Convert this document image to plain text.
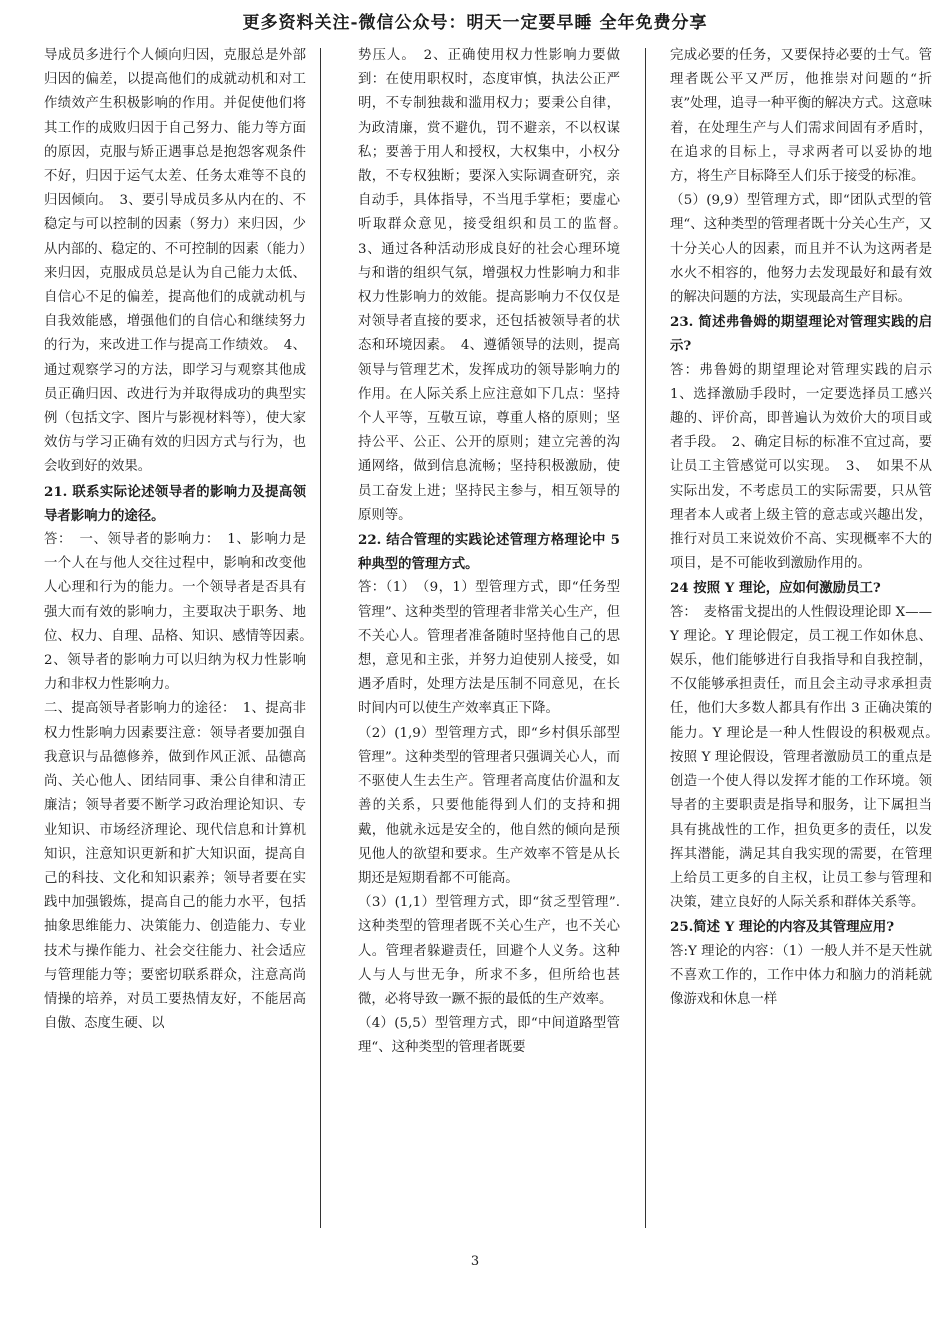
更多资料关注-微信公众号：明天一定要早睡 全年免费分享

导成员多进行个人倾向归因，克服总是外部归因的偏差，以提高他们的成就动机和对工作绩效产生积极影响的作用。并促使他们将其工作的成败归因于自己努力、能力等方面的原因，克服与矫正遇事总是抱怨客观条件不好，归因于运气太差、任务太难等不良的归因倾向。　3、要引导成员多从内在的、不稳定与可以控制的因素（努力）来归因，少从内部的、稳定的、不可控制的因素（能力）来归因，克服成员总是认为自己能力太低、自信心不足的偏差，提高他们的成就动机与自我效能感，增强他们的自信心和继续努力的行为，来改进工作与提高工作绩效。　4、通过观察学习的方法，即学习与观察其他成员正确归因、改进行为并取得成功的典型实例（包括文字、图片与影视材料等），使大家效仿与学习正确有效的归因方式与行为，也会收到好的效果。

21. 联系实际论述领导者的影响力及提高领导者影响力的途径。

答：　一、领导者的影响力：　1、影响力是一个人在与他人交往过程中，影响和改变他人心理和行为的能力。一个领导者是否具有强大而有效的影响力，主要取决于职务、地位、权力、自理、品格、知识、感情等因素。　2、领导者的影响力可以归纳为权力性影响力和非权力性影响力。

二、提高领导者影响力的途径：　1、提高非权力性影响力因素要注意：领导者要加强自我意识与品德修养，做到作风正派、品德高尚、关心他人、团结同事、秉公自律和清正廉洁；领导者要不断学习政治理论知识、专业知识、市场经济理论、现代信息和计算机知识，注意知识更新和扩大知识面，提高自己的科技、文化和知识素养；领导者要在实践中加强锻炼，提高自己的能力水平，包括抽象思维能力、决策能力、创造能力、专业技术与操作能力、社会交往能力、社会适应与管理能力等；要密切联系群众，注意高尚情操的培养，对员工要热情友好，不能居高自傲、态度生硬、以

势压人。　2、正确使用权力性影响力要做到：在使用职权时，态度审慎，执法公正严明，不专制独裁和滥用权力；要秉公自律，为政清廉，赏不避仇，罚不避亲，不以权谋私；要善于用人和授权，大权集中，小权分散，不专权独断；要深入实际调查研究，亲自动手，具体指导，不当甩手掌柜；要虚心听取群众意见，接受组织和员工的监督。　3、通过各种活动形成良好的社会心理环境与和谐的组织气氛，增强权力性影响力和非权力性影响力的效能。提高影响力不仅仅是对领导者直接的要求，还包括被领导者的状态和环境因素。　4、遵循领导的法则，提高领导与管理艺术，发挥成功的领导影响力的作用。在人际关系上应注意如下几点：坚持个人平等，互敬互谅，尊重人格的原则；坚持公平、公正、公开的原则；建立完善的沟通网络，做到信息流畅；坚持积极激励，使员工奋发上进；坚持民主参与，相互领导的原则等。

22. 结合管理的实践论述管理方格理论中 5 种典型的管理方式。

答：（1）　（9，1）型管理方式，即“任务型管理”、这种类型的管理者非常关心生产，但不关心人。管理者准备随时坚持他自己的思想，意见和主张，并努力迫使别人接受，如遇矛盾时，处理方法是压制不同意见，在长时间内可以使生产效率真正下降。

（2）(1,9）型管理方式，即“乡村俱乐部型管理”。这种类型的管理者只强调关心人，而不驱使人生去生产。管理者高度估价温和友善的关系，只要他能得到人们的支持和拥戴，他就永远是安全的，他自然的倾向是预见他人的欲望和要求。生产效率不管是从长期还是短期看都不可能高。

（3）(1,1）型管理方式，即“贫乏型管理”.这种类型的管理者既不关心生产，也不关心人。管理者躲避责任，回避个人义务。这种人与人与世无争，所求不多，但所给也甚微，必将导致一蹶不振的最低的生产效率。

（4）(5,5）型管理方式，即“中间道路型管理“、这种类型的管理者既要

完成必要的任务，又要保持必要的士气。管理者既公平又严厉，他推崇对问题的“折衷”处理，追寻一种平衡的解决方式。这意味着，在处理生产与人们需求间固有矛盾时，在追求的目标上，寻求两者可以妥协的地方，将生产目标降至人们乐于接受的标准。

（5）(9,9）型管理方式，即“团队式型的管理“、这种类型的管理者既十分关心生产，又十分关心人的因素，而且并不认为这两者是水火不相容的，他努力去发现最好和最有效的解决问题的方法，实现最高生产目标。

23. 简述弗鲁姆的期望理论对管理实践的启示?

答：弗鲁姆的期望理论对管理实践的启示　1、选择激励手段时，一定要选择员工感兴趣的、评价高，即普遍认为效价大的项目或者手段。　2、确定目标的标准不宜过高，要让员工主管感觉可以实现。　3、　如果不从实际出发，不考虑员工的实际需要，只从管理者本人或者上级主管的意志或兴趣出发，推行对员工来说效价不高、实现概率不大的项目，是不可能收到激励作用的。

24 按照 Y 理论，应如何激励员工?

答：　麦格雷戈提出的人性假设理论即 X——Y 理论。Y 理论假定，员工视工作如休息、娱乐，他们能够进行自我指导和自我控制，不仅能够承担责任，而且会主动寻求承担责任，他们大多数人都具有作出 3 正确决策的能力。Y 理论是一种人性假设的积极观点。　按照 Y 理论假设，管理者激励员工的重点是创造一个使人得以发挥才能的工作环境。领导者的主要职责是指导和服务，让下属担当具有挑战性的工作，担负更多的责任，以发挥其潜能，满足其自我实现的需要，在管理上给员工更多的自主权，让员工参与管理和决策，建立良好的人际关系和群体关系等。

25.简述 Y 理论的内容及其管理应用?

答:Y 理论的内容：（1）一般人并不是天性就不喜欢工作的，工作中体力和脑力的消耗就像游戏和休息一样

3
